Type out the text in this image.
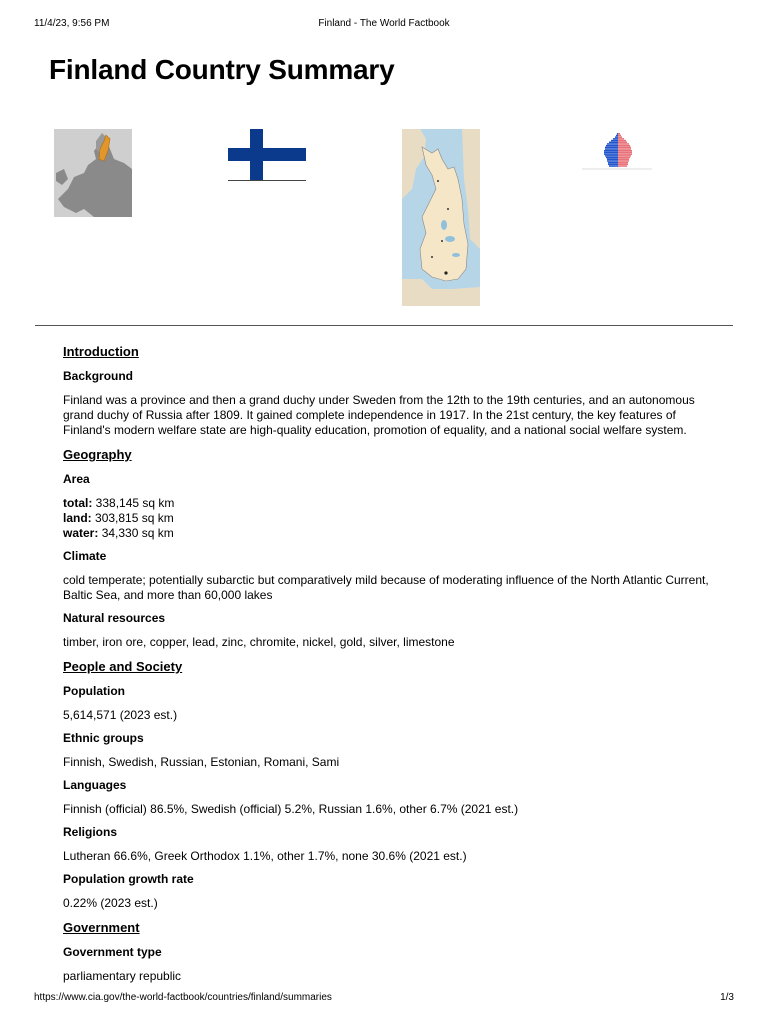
11/4/23, 9:56 PM	Finland - The World Factbook
Finland Country Summary
Introduction
Background

Finland was a province and then a grand duchy under Sweden from the 12th to the 19th centuries, and an autonomous grand duchy of Russia after 1809. It gained complete independence in 1917. In the 21st century, the key features of Finland's modern welfare state are high-quality education, promotion of equality, and a national social welfare system.

Geography
Area
total: 338,145 sq km
land: 303,815 sq km
water: 34,330 sq km
Climate

cold temperate; potentially subarctic but comparatively mild because of moderating influence of the North Atlantic Current, Baltic Sea, and more than 60,000 lakes

Natural resources

timber, iron ore, copper, lead, zinc, chromite, nickel, gold, silver, limestone

People and Society
Population

5,614,571 (2023 est.)

Ethnic groups

Finnish, Swedish, Russian, Estonian, Romani, Sami

Languages

Finnish (official) 86.5%, Swedish (official) 5.2%, Russian 1.6%, other 6.7% (2021 est.)

Religions

Lutheran 66.6%, Greek Orthodox 1.1%, other 1.7%, none 30.6% (2021 est.)

Population growth rate

0.22% (2023 est.)

Government
Government type

parliamentary republic

https://www.cia.gov/the-world-factbook/countries/finland/summaries	1/3
